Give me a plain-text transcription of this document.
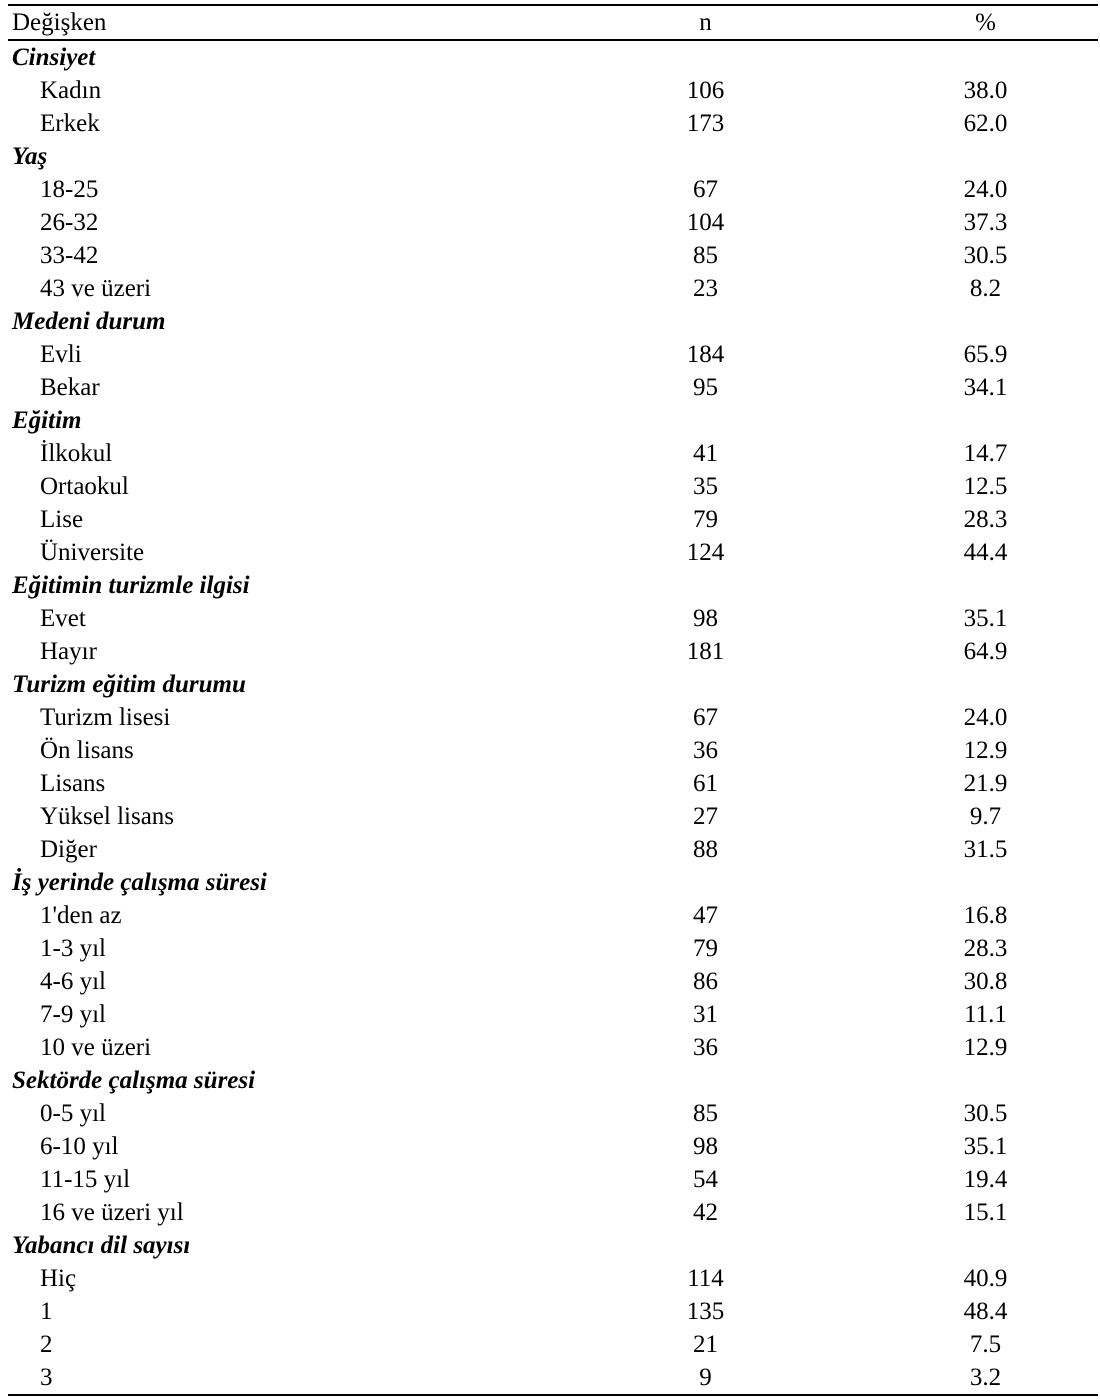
Değişken	n	%
Cinsiyet		
Kadın	106	38.0
Erkek	173	62.0
Yaş		
18-25	67	24.0
26-32	104	37.3
33-42	85	30.5
43 ve üzeri	23	8.2
Medeni durum		
Evli	184	65.9
Bekar	95	34.1
Eğitim		
İlkokul	41	14.7
Ortaokul	35	12.5
Lise	79	28.3
Üniversite	124	44.4
Eğitimin turizmle ilgisi		
Evet	98	35.1
Hayır	181	64.9
Turizm eğitim durumu		
Turizm lisesi	67	24.0
Ön lisans	36	12.9
Lisans	61	21.9
Yüksel lisans	27	9.7
Diğer	88	31.5
İş yerinde çalışma süresi		
1'den az	47	16.8
1-3 yıl	79	28.3
4-6 yıl	86	30.8
7-9 yıl	31	11.1
10 ve üzeri	36	12.9
Sektörde çalışma süresi		
0-5 yıl	85	30.5
6-10 yıl	98	35.1
11-15 yıl	54	19.4
16 ve üzeri yıl	42	15.1
Yabancı dil sayısı		
Hiç	114	40.9
1	135	48.4
2	21	7.5
3	9	3.2
